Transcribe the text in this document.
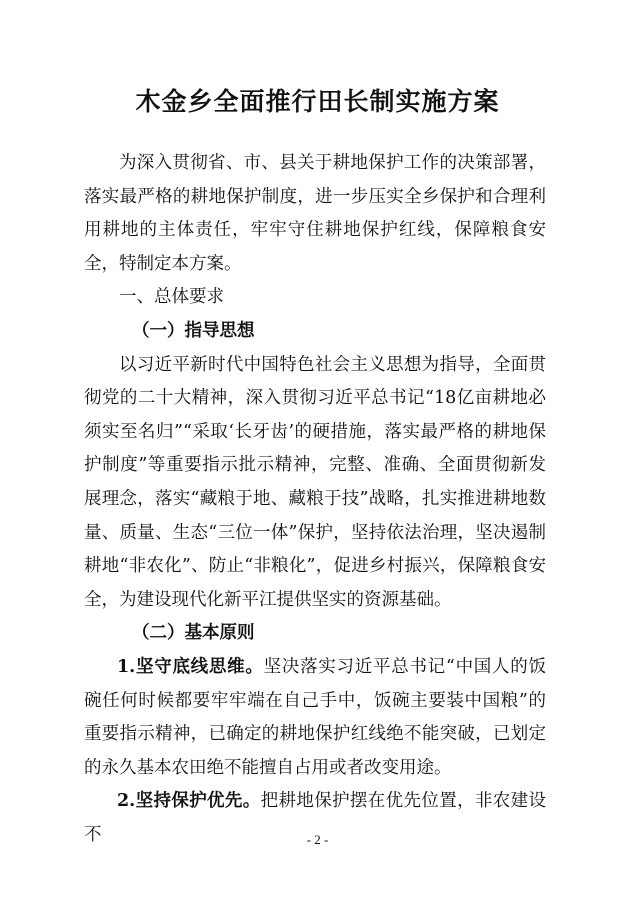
木金乡全面推行田长制实施方案

为深入贯彻省、市、县关于耕地保护工作的决策部署，落实最严格的耕地保护制度，进一步压实全乡保护和合理利用耕地的主体责任，牢牢守住耕地保护红线，保障粮食安全，特制定本方案。

一、总体要求

（一）指导思想

以习近平新时代中国特色社会主义思想为指导，全面贯彻党的二十大精神，深入贯彻习近平总书记“18亿亩耕地必须实至名归”“采取‘长牙齿’的硬措施，落实最严格的耕地保护制度”等重要指示批示精神，完整、准确、全面贯彻新发展理念，落实“藏粮于地、藏粮于技”战略，扎实推进耕地数量、质量、生态“三位一体”保护，坚持依法治理，坚决遏制耕地“非农化”、防止“非粮化”，促进乡村振兴，保障粮食安全，为建设现代化新平江提供坚实的资源基础。

（二）基本原则

1.坚守底线思维。坚决落实习近平总书记“中国人的饭碗任何时候都要牢牢端在自己手中，饭碗主要装中国粮”的重要指示精神，已确定的耕地保护红线绝不能突破，已划定的永久基本农田绝不能擅自占用或者改变用途。

2.坚持保护优先。把耕地保护摆在优先位置，非农建设不	- 2 -
